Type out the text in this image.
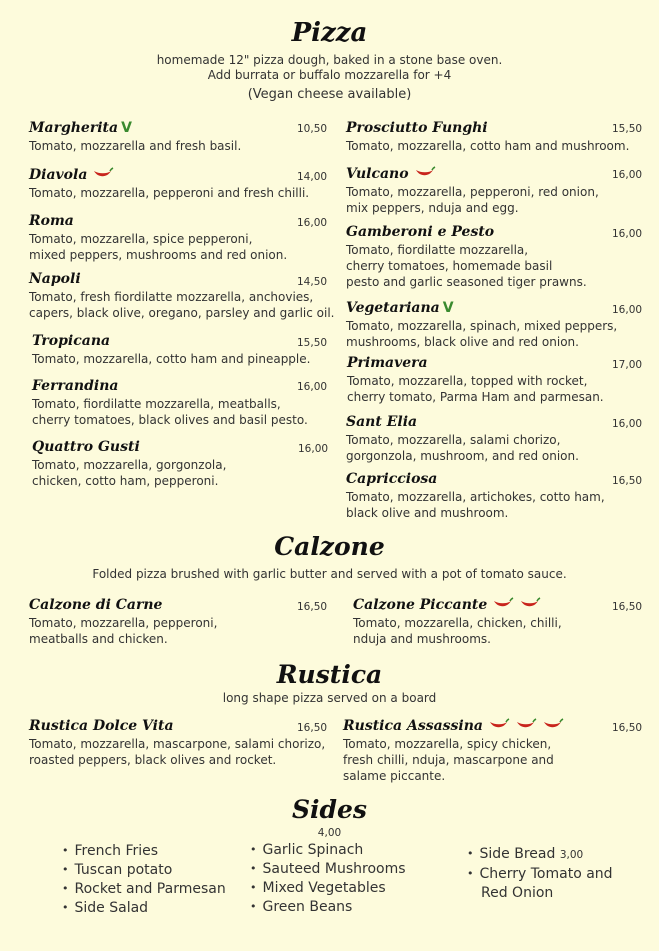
Pizza
homemade 12" pizza dough, baked in a stone base oven.
Add burrata or buffalo mozzarella for +4
(Vegan cheese available)
Margherita V
Tomato, mozzarella and fresh basil.
10,50
Diavola
Tomato, mozzarella, pepperoni and fresh chilli.
14,00
Roma
Tomato, mozzarella, spice pepperoni,
mixed peppers, mushrooms and red onion.
16,00
Napoli
Tomato, fresh fiordilatte mozzarella, anchovies,
capers, black olive, oregano, parsley and garlic oil.
14,50
Tropicana
Tomato, mozzarella, cotto ham and pineapple.
15,50
Ferrandina
Tomato, fiordilatte mozzarella, meatballs,
cherry tomatoes, black olives and basil pesto.
16,00
Quattro Gusti
Tomato, mozzarella, gorgonzola,
chicken, cotto ham, pepperoni.
16,00
Prosciutto Funghi
Tomato, mozzarella, cotto ham and mushroom.
15,50
Vulcano
Tomato, mozzarella, pepperoni, red onion,
mix peppers, nduja and egg.
16,00
Gamberoni e Pesto
Tomato, fiordilatte mozzarella,
cherry tomatoes, homemade basil
pesto and garlic seasoned tiger prawns.
16,00
Vegetariana V
Tomato, mozzarella, spinach, mixed peppers,
mushrooms, black olive and red onion.
16,00
Primavera
Tomato, mozzarella, topped with rocket,
cherry tomato, Parma Ham and parmesan.
17,00
Sant Elia
Tomato, mozzarella, salami chorizo,
gorgonzola, mushroom, and red onion.
16,00
Capricciosa
Tomato, mozzarella, artichokes, cotto ham,
black olive and mushroom.
16,50
Calzone
Folded pizza brushed with garlic butter and served with a pot of tomato sauce.
Calzone di Carne
Tomato, mozzarella, pepperoni,
meatballs and chicken.
16,50 Calzone Piccante
Tomato, mozzarella, chicken, chilli,
nduja and mushrooms.
16,50
Rustica
long shape pizza served on a board
Rustica Dolce Vita
Tomato, mozzarella, mascarpone, salami chorizo,
roasted peppers, black olives and rocket.
16,50 Rustica Assassina
Tomato, mozzarella, spicy chicken,
fresh chilli, nduja, mascarpone and
salame piccante.
16,50
Sides
4,00
• French Fries
• Tuscan potato
• Rocket and Parmesan
• Side Salad
• Garlic Spinach
• Sauteed Mushrooms
• Mixed Vegetables
• Green Beans
• Side Bread 3,00
• Cherry Tomato and
Red Onion
